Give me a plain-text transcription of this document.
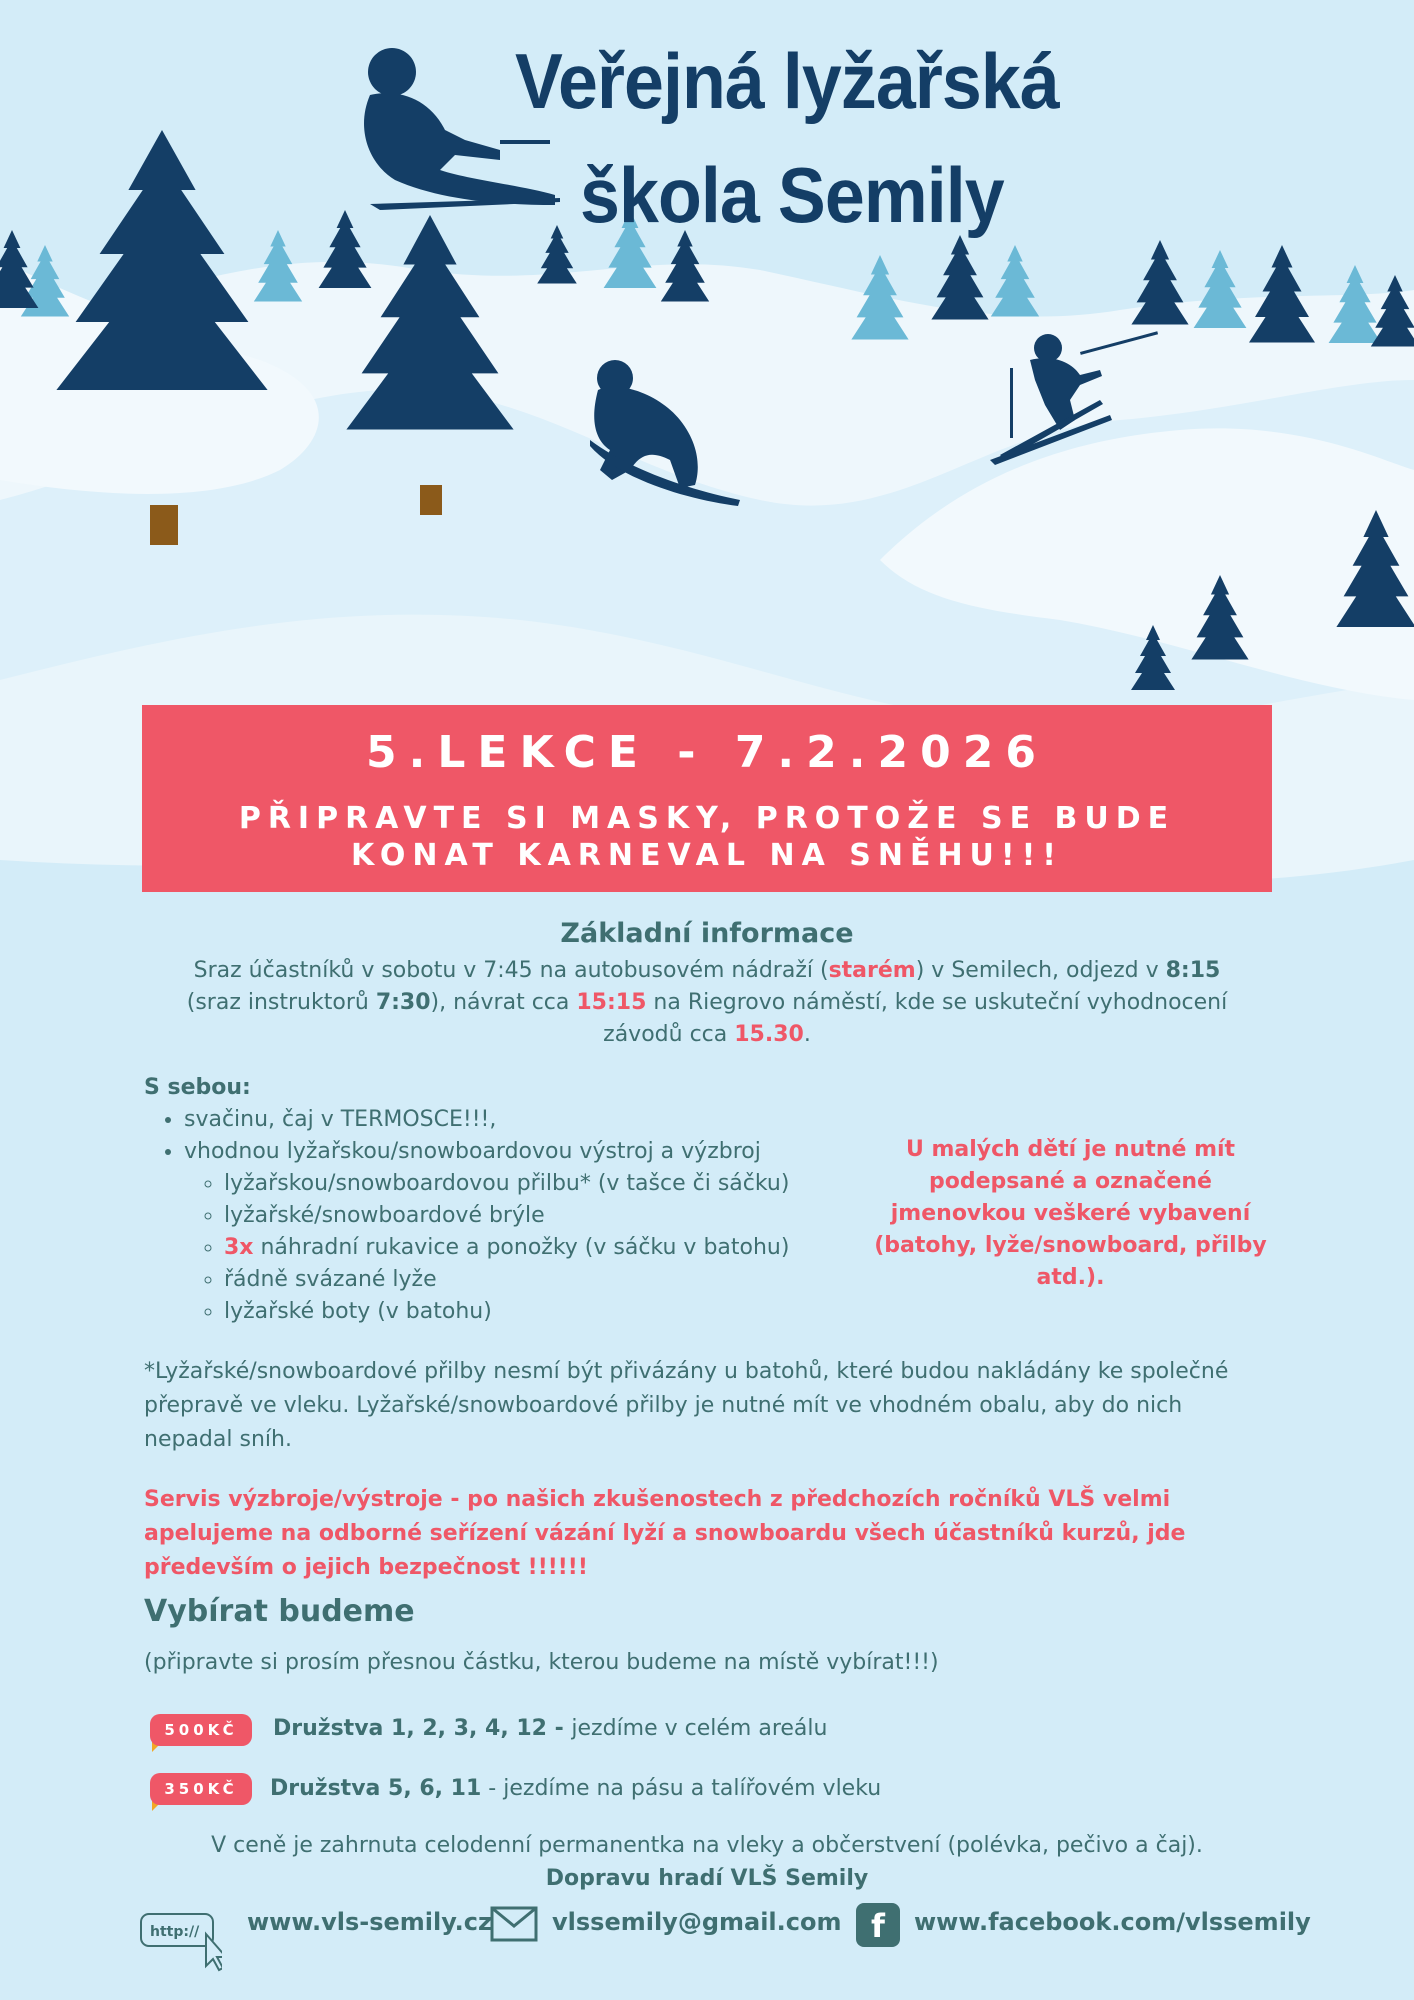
Veřejná lyžařská
škola Semily
5.LEKCE - 7.2.2026
PŘIPRAVTE SI MASKY, PROTOŽE SE BUDE
KONAT KARNEVAL NA SNĚHU!!!
Základní informace
Sraz účastníků v sobotu v 7:45 na autobusovém nádraží (starém) v Semilech, odjezd v 8:15
(sraz instruktorů 7:30), návrat cca 15:15 na Riegrovo náměstí, kde se uskuteční vyhodnocení
závodů cca 15.30.
S sebou:
• svačinu, čaj v TERMOSCE!!!,
• vhodnou lyžařskou/snowboardovou výstroj a výzbroj
◦ lyžařskou/snowboardovou přilbu* (v tašce či sáčku)
◦ lyžařské/snowboardové brýle
◦ 3x náhradní rukavice a ponožky (v sáčku v batohu)
◦ řádně svázané lyže
◦ lyžařské boty (v batohu)
U malých dětí je nutné mít podepsané a označené jmenovkou veškeré vybavení (batohy, lyže/snowboard, přilby atd.).
*Lyžařské/snowboardové přilby nesmí být přivázány u batohů, které budou nakládány ke společné přepravě ve vleku. Lyžařské/snowboardové přilby je nutné mít ve vhodném obalu, aby do nich nepadal sníh.
Servis výzbroje/výstroje - po našich zkušenostech z předchozích ročníků VLŠ velmi apelujeme na odborné seřízení vázání lyží a snowboardu všech účastníků kurzů, jde především o jejich bezpečnost !!!!!!
Vybírat budeme
(připravte si prosím přesnou částku, kterou budeme na místě vybírat!!!)
500KČ	Družstva 1, 2, 3, 4, 12 - jezdíme v celém areálu
350KČ	Družstva 5, 6, 11 - jezdíme na pásu a talířovém vleku
V ceně je zahrnuta celodenní permanentka na vleky a občerstvení (polévka, pečivo a čaj).
Dopravu hradí VLŠ Semily
http:// www.vls-semily.cz	vlssemily@gmail.com f	www.facebook.com/vlssemily
